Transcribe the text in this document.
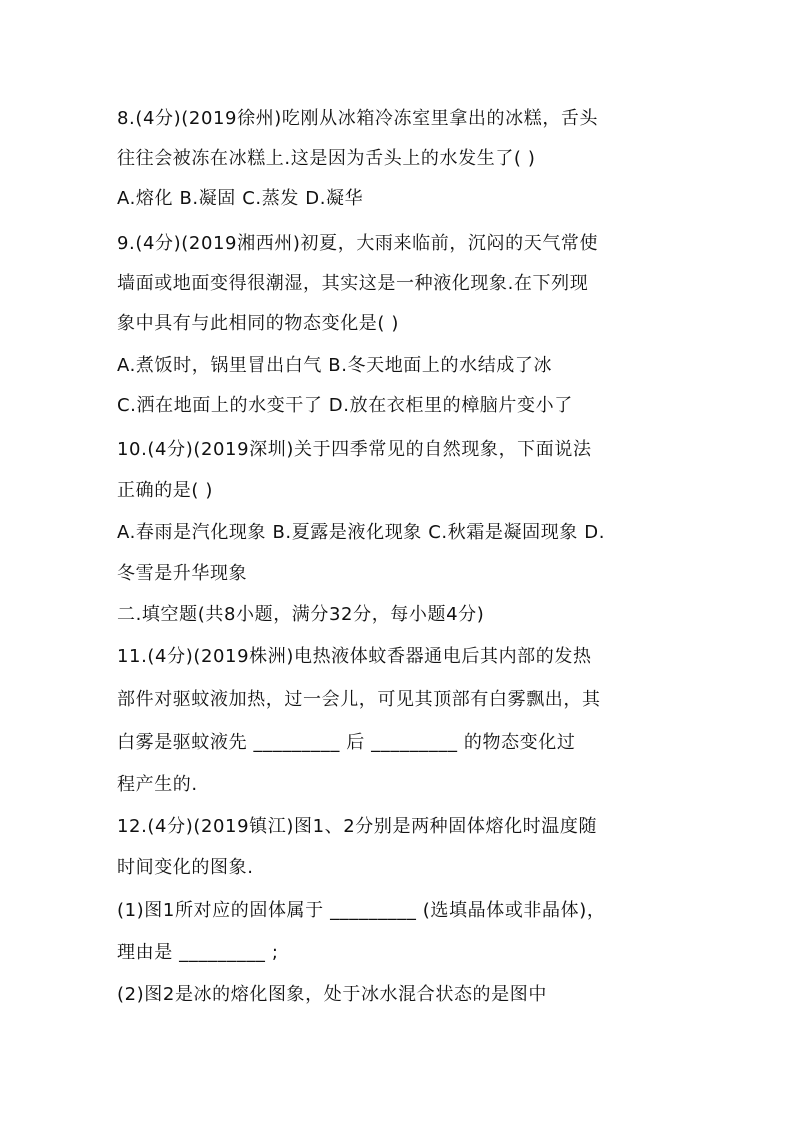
8.(4分)(2019徐州)吃刚从冰箱冷冻室里拿出的冰糕，舌头
往往会被冻在冰糕上.这是因为舌头上的水发生了( )
A.熔化 B.凝固 C.蒸发 D.凝华
9.(4分)(2019湘西州)初夏，大雨来临前，沉闷的天气常使
墙面或地面变得很潮湿，其实这是一种液化现象.在下列现
象中具有与此相同的物态变化是( )
A.煮饭时，锅里冒出白气 B.冬天地面上的水结成了冰
C.洒在地面上的水变干了 D.放在衣柜里的樟脑片变小了
10.(4分)(2019深圳)关于四季常见的自然现象，下面说法
正确的是( )
A.春雨是汽化现象 B.夏露是液化现象 C.秋霜是凝固现象 D.
冬雪是升华现象
二.填空题(共8小题，满分32分，每小题4分)
11.(4分)(2019株洲)电热液体蚊香器通电后其内部的发热
部件对驱蚊液加热，过一会儿，可见其顶部有白雾飘出，其
白雾是驱蚊液先 _________ 后 _________ 的物态变化过
程产生的.
12.(4分)(2019镇江)图1、2分别是两种固体熔化时温度随
时间变化的图象.
(1)图1所对应的固体属于 _________ (选填晶体或非晶体)，
理由是 _________ ;
(2)图2是冰的熔化图象，处于冰水混合状态的是图中
